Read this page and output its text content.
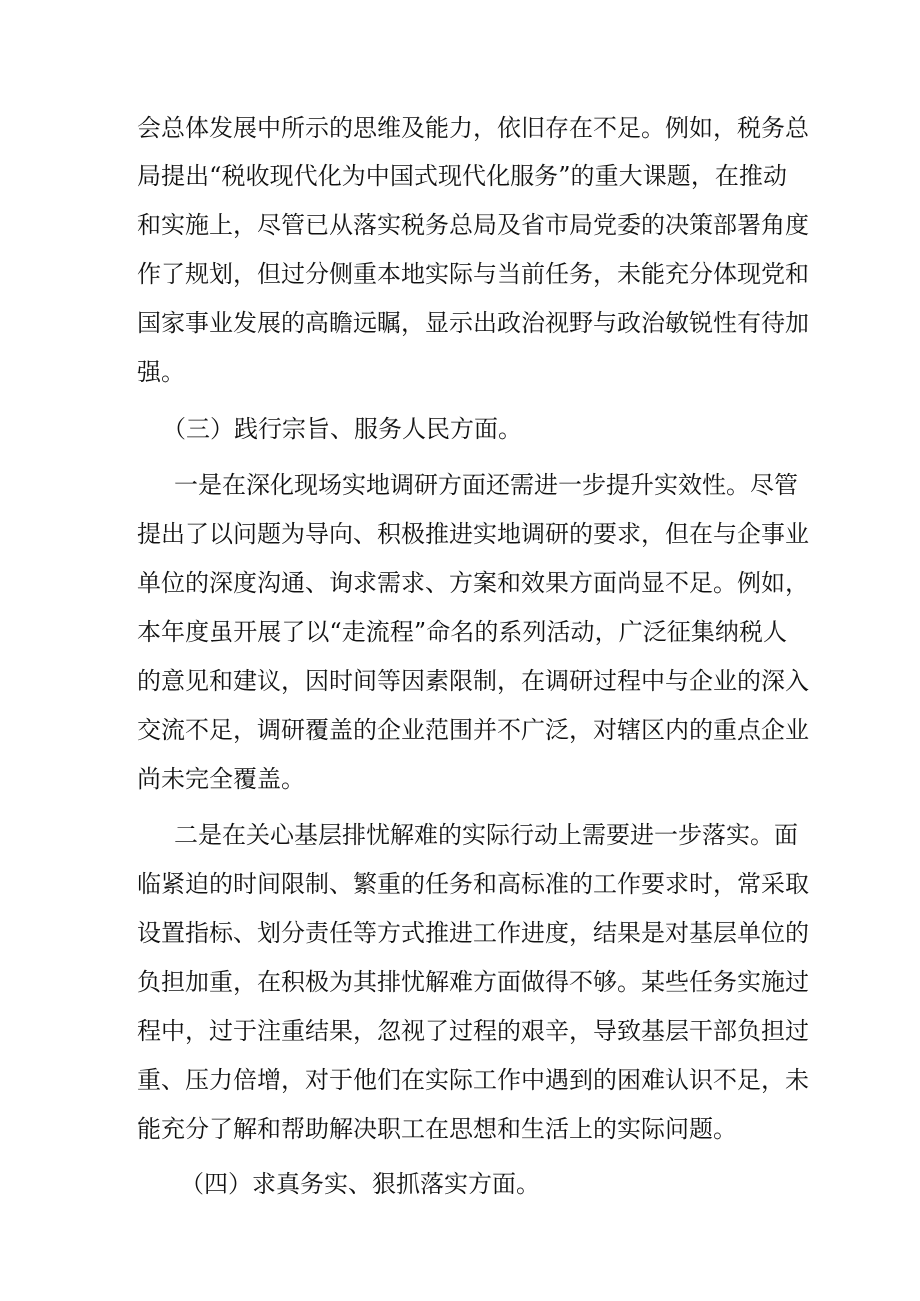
会总体发展中所示的思维及能力，依旧存在不足。例如，税务总
局提出“税收现代化为中国式现代化服务”的重大课题，在推动
和实施上，尽管已从落实税务总局及省市局党委的决策部署角度
作了规划，但过分侧重本地实际与当前任务，未能充分体现党和
国家事业发展的高瞻远瞩，显示出政治视野与政治敏锐性有待加
强。
（三）践行宗旨、服务人民方面。
一是在深化现场实地调研方面还需进一步提升实效性。尽管
提出了以问题为导向、积极推进实地调研的要求，但在与企事业
单位的深度沟通、询求需求、方案和效果方面尚显不足。例如，
本年度虽开展了以“走流程”命名的系列活动，广泛征集纳税人
的意见和建议，因时间等因素限制，在调研过程中与企业的深入
交流不足，调研覆盖的企业范围并不广泛，对辖区内的重点企业
尚未完全覆盖。
二是在关心基层排忧解难的实际行动上需要进一步落实。面
临紧迫的时间限制、繁重的任务和高标准的工作要求时，常采取
设置指标、划分责任等方式推进工作进度，结果是对基层单位的
负担加重，在积极为其排忧解难方面做得不够。某些任务实施过
程中，过于注重结果，忽视了过程的艰辛，导致基层干部负担过
重、压力倍增，对于他们在实际工作中遇到的困难认识不足，未
能充分了解和帮助解决职工在思想和生活上的实际问题。
（四）求真务实、狠抓落实方面。
